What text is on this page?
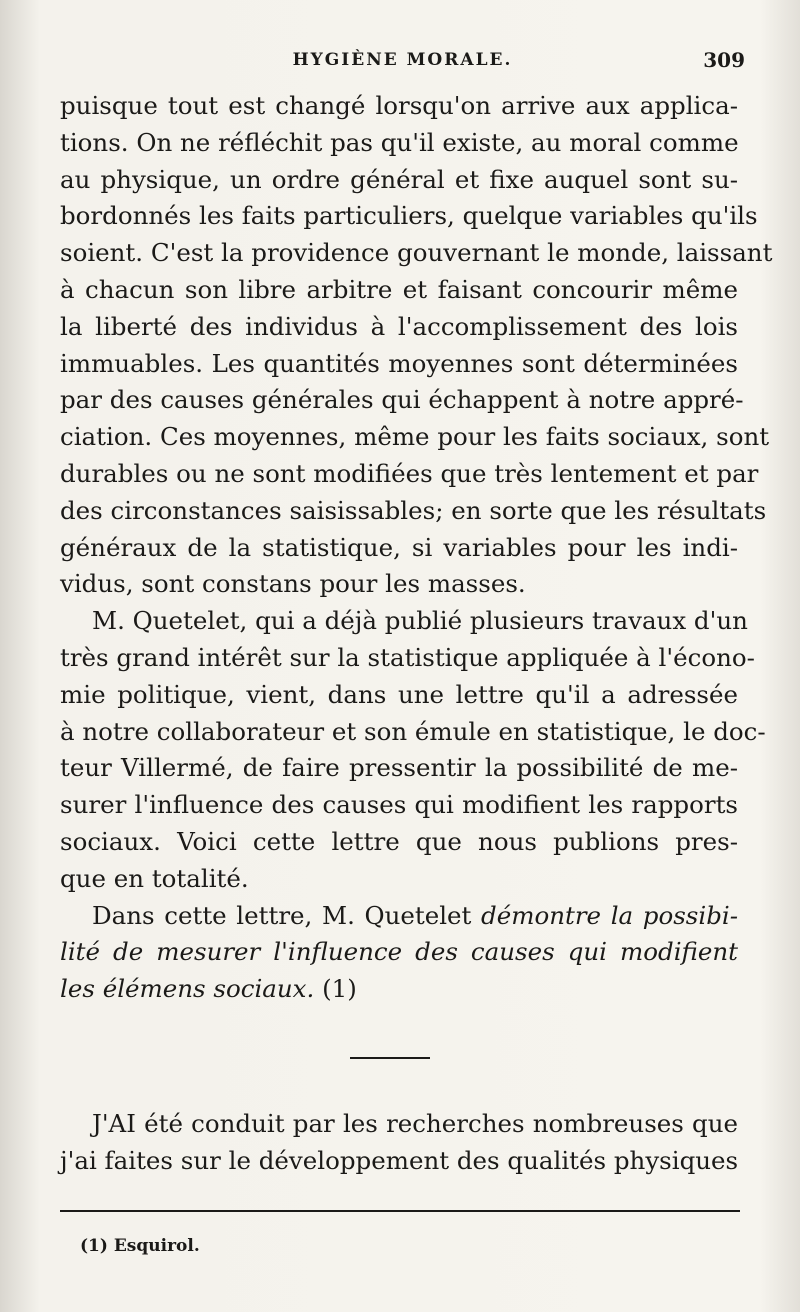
HYGIÈNE MORALE.	309

puisque tout est changé lorsqu'on arrive aux applica-
tions. On ne réfléchit pas qu'il existe, au moral comme
au physique, un ordre général et fixe auquel sont su-
bordonnés les faits particuliers, quelque variables qu'ils
soient. C'est la providence gouvernant le monde, laissant
à chacun son libre arbitre et faisant concourir même
la liberté des individus à l'accomplissement des lois
immuables. Les quantités moyennes sont déterminées
par des causes générales qui échappent à notre appré-
ciation. Ces moyennes, même pour les faits sociaux, sont
durables ou ne sont modifiées que très lentement et par
des circonstances saisissables; en sorte que les résultats
généraux de la statistique, si variables pour les indi-
vidus, sont constans pour les masses.

M. Quetelet, qui a déjà publié plusieurs travaux d'un
très grand intérêt sur la statistique appliquée à l'écono-
mie politique, vient, dans une lettre qu'il a adressée
à notre collaborateur et son émule en statistique, le doc-
teur Villermé, de faire pressentir la possibilité de me-
surer l'influence des causes qui modifient les rapports
sociaux. Voici cette lettre que nous publions pres-
que en totalité.

Dans cette lettre, M. Quetelet démontre la possibi-
lité de mesurer l'influence des causes qui modifient
les élémens sociaux. (1)

J'AI été conduit par les recherches nombreuses que
j'ai faites sur le développement des qualités physiques

(1) Esquirol.
